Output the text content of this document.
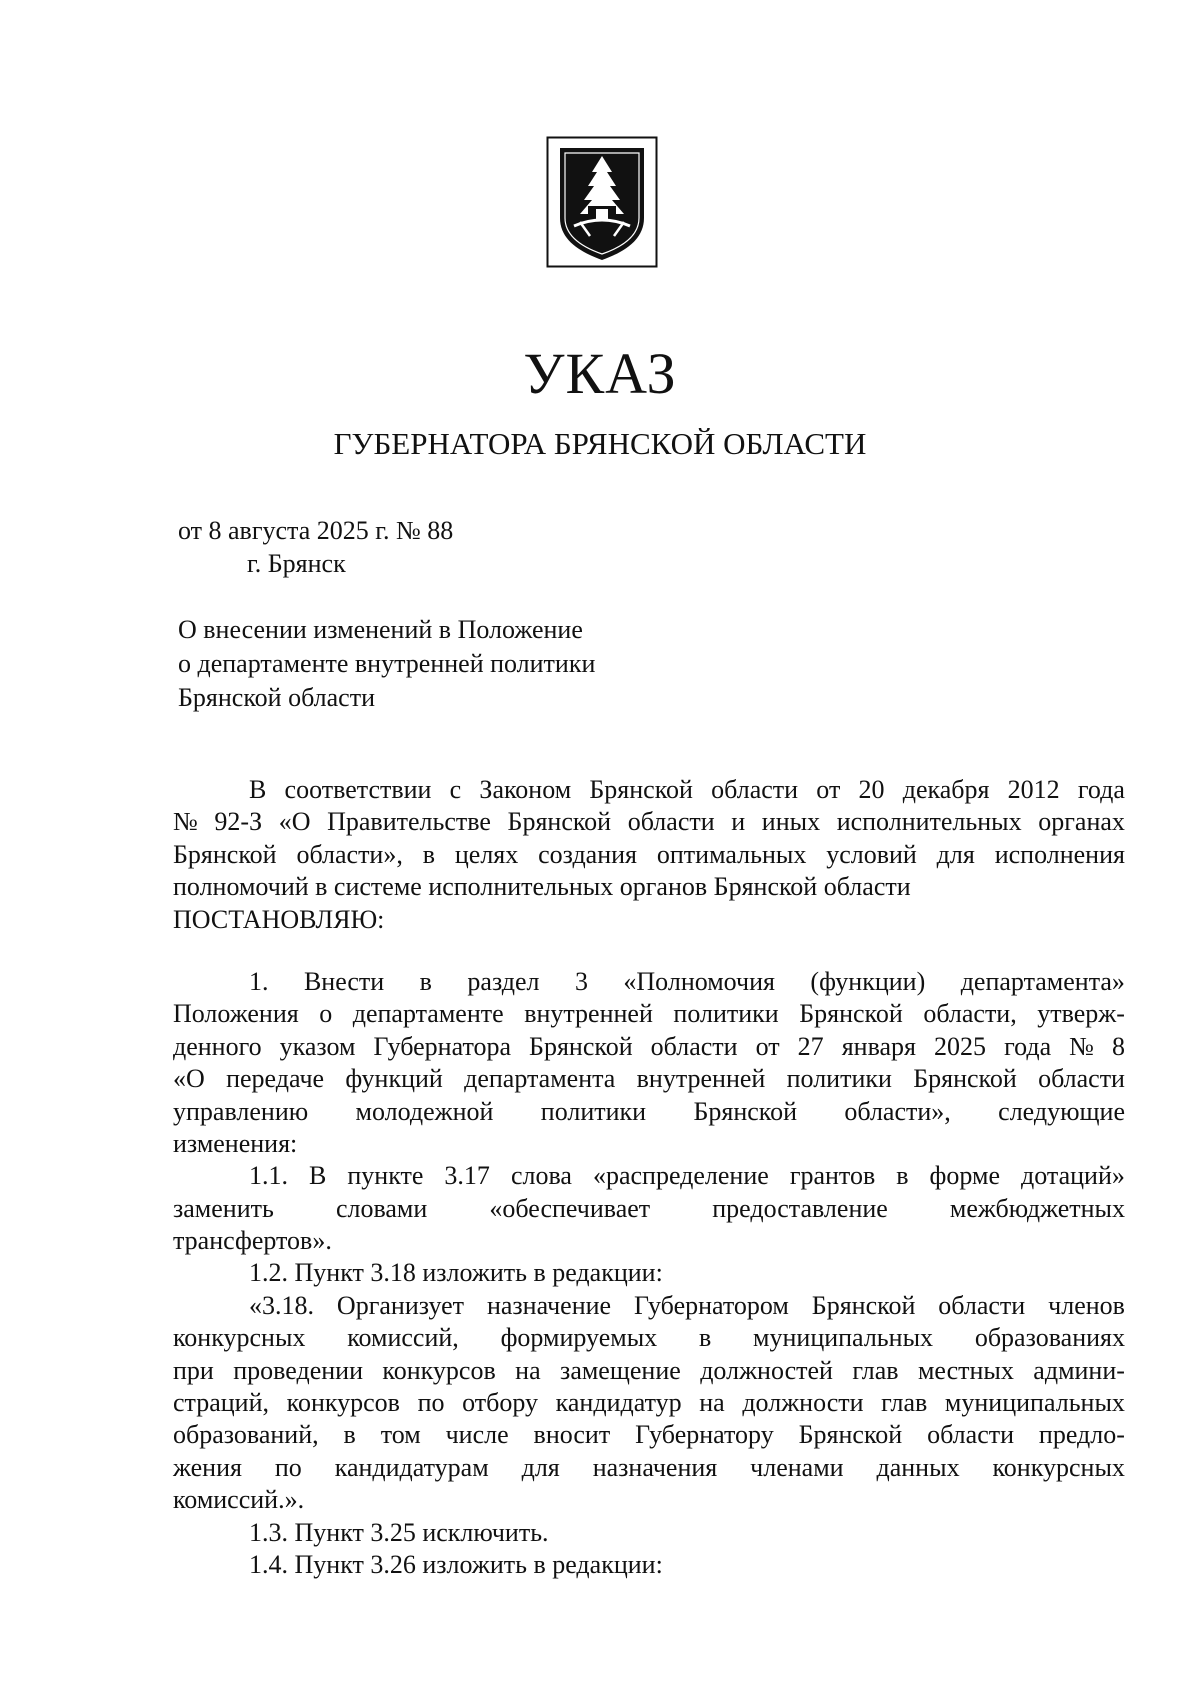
УКАЗ
ГУБЕРНАТОРА БРЯНСКОЙ ОБЛАСТИ
от 8 августа 2025 г. № 88
г. Брянск
О внесении изменений в Положение
о департаменте внутренней политики
Брянской области
В соответствии с Законом Брянской области от 20 декабря 2012 года
№ 92-З «О Правительстве Брянской области и иных исполнительных органах
Брянской области», в целях создания оптимальных условий для исполнения
полномочий в системе исполнительных органов Брянской области
ПОСТАНОВЛЯЮ:
1. Внести в раздел 3 «Полномочия (функции) департамента»
Положения о департаменте внутренней политики Брянской области, утверж-
денного указом Губернатора Брянской области от 27 января 2025 года № 8
«О передаче функций департамента внутренней политики Брянской области
управлению молодежной политики Брянской области», следующие
изменения:
1.1. В пункте 3.17 слова «распределение грантов в форме дотаций»
заменить словами «обеспечивает предоставление межбюджетных
трансфертов».
1.2. Пункт 3.18 изложить в редакции:
«3.18. Организует назначение Губернатором Брянской области членов
конкурсных комиссий, формируемых в муниципальных образованиях
при проведении конкурсов на замещение должностей глав местных админи-
страций, конкурсов по отбору кандидатур на должности глав муниципальных
образований, в том числе вносит Губернатору Брянской области предло-
жения по кандидатурам для назначения членами данных конкурсных
комиссий.».
1.3. Пункт 3.25 исключить.
1.4. Пункт 3.26 изложить в редакции:
